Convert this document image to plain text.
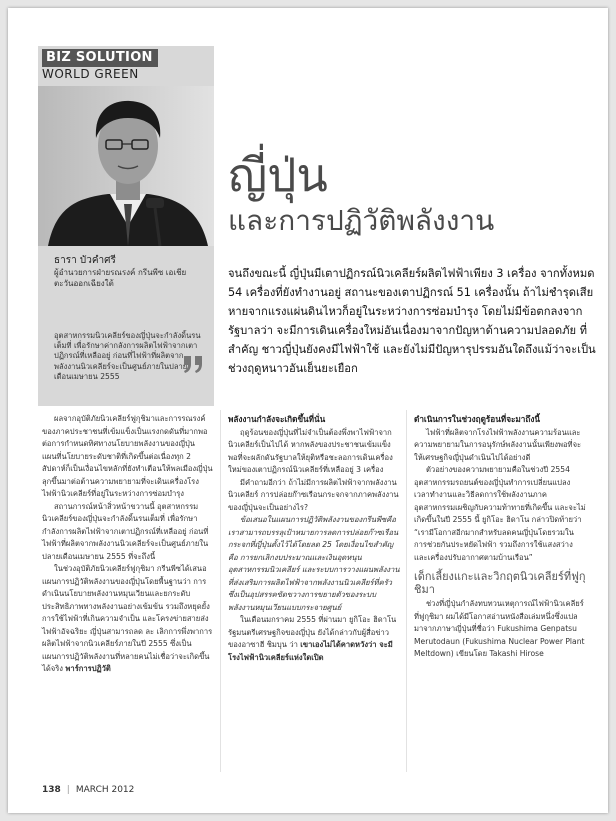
BIZ SOLUTION
WORLD GREEN
ธารา บัวคำศรี
ผู้อำนวยการฝ่ายรณรงค์ กรีนพีซ เอเชียตะวันออกเฉียงใต้
อุตสาหกรรมนิวเคลียร์ของญี่ปุ่นจะกำลังดิ้นรนเต็มที่ เพื่อรักษาค่ากลังการผลิตไฟฟ้าจากเตาปฏิกรณ์ที่เหลืออยู่ ก่อนที่ไฟฟ้าที่ผลิตจากพลังงานนิวเคลียร์จะเป็นศูนย์ภายในปลายเดือนเมษายน 2555
ญี่ปุ่น
และการปฏิวัติพลังงาน
จนถึงขณะนี้ ญี่ปุ่นมีเตาปฏิกรณ์นิวเคลียร์ผลิตไฟฟ้าเพียง 3 เครื่อง จากทั้งหมด 54 เครื่องที่ยังทำงานอยู่ สถานะของเตาปฏิกรณ์ 51 เครื่องนั้น ถ้าไม่ชำรุดเสียหายจากแรงแผ่นดินไหวก็อยู่ในระหว่างการซ่อมบำรุง โดยไม่มีข้อตกลงจากรัฐบาลว่า จะมีการเดินเครื่องใหม่อันเนื่องมาจากปัญหาด้านความปลอดภัย ที่สำคัญ ชาวญี่ปุ่นยังคงมีไฟฟ้าใช้ และยังไม่มีปัญหารุปรรมอันใดถึงแม้ว่าจะเป็นช่วงฤดูหนาวอันเย็นยะเยือก

ผลจากอุบัติภัยนิวเคลียร์ฟูกุชิมาและการรณรงค์ของภาคประชาชนที่เข้มแข็งเป็นแรงกดดันที่มากพอ ต่อการกำหนดทิศทางนโยบายพลังงานของญี่ปุ่น แผนที่นโยบายระดับชาติที่เกิดขึ้นต่อเนื่องทุก 2 สัปดาห์ก็เป็นเงื่อนไขหลักที่ยังทำเตือนให้พลเมืองญี่ปุ่นลุกขึ้นมาต่อต้านความพยายามที่จะเดินเครื่องโรงไฟฟ้านิวเคลียร์ที่อยู่ในระหว่างการซ่อมบำรุง

สถานการณ์หน้าสิ่วหน้าขวานนี้ อุตสาหกรรมนิวเคลียร์ของญี่ปุ่นจะกำลังดิ้นรนเต็มที่ เพื่อรักษากำลังการผลิตไฟฟ้าจากเตาปฏิกรณ์ที่เหลืออยู่ ก่อนที่ไฟฟ้าที่ผลิตจากพลังงานนิวเคลียร์จะเป็นศูนย์ภายในปลายเดือนเมษายน 2555 ที่จะถึงนี้

ในช่วงอุบัติภัยนิวเคลียร์ฟูกุชิมา กรีนพีซได้เสนอแผนการปฏิวัติพลังงานของญี่ปุ่นโดยพื้นฐานว่า การดำเนินนโยบายพลังงานหมุนเวียนและยกระดับประสิทธิภาพทางพลังงานอย่างเข้มข้น รวมถึงหยุดยั้งการใช้ไฟฟ้าที่เกินความจำเป็น และโครงข่ายสายส่งไฟฟ้าอัจฉริยะ ญี่ปุ่นสามารถลด ละ เลิกการพึ่งพาการผลิตไฟฟ้าจากนิวเคลียร์ภายในปี 2555 ซึ่งเป็นแผนการปฏิวัติพลังงานที่หลายคนไม่เชื่อว่าจะเกิดขึ้นได้จริง พาร์การปฏิวัติ

พลังงานกำลังจะเกิดขึ้นที่นั่น

ฤดูร้อนของญี่ปุ่นที่ไม่จำเป็นต้องพึ่งพาไฟฟ้าจากนิวเคลียร์เป็นไปได้ หากพลังของประชาชนเข้มแข็งพอที่จะผลักดันรัฐบาลให้ยุติหรือชะลอการเดินเครื่องใหม่ของเตาปฏิกรณ์นิวเคลียร์ที่เหลืออยู่ 3 เครื่อง

มีคำถามอีกว่า ถ้าไม่มีการผลิตไฟฟ้าจากพลังงานนิวเคลียร์ การปล่อยก๊าซเรือนกระจกจากภาคพลังงานของญี่ปุ่นจะเป็นอย่างไร?

ข้อเสนอในแผนการปฏิวัติพลังงานของกรีนพีซคือ เราสามารถบรรลุเป้าหมายการลดการปล่อยก๊าซเรือนกระจกที่ญี่ปุ่นตั้งไว้ได้โดยลด 25 โดยเงื่อนไขสำคัญคือ การยกเลิกงบประมาณและเงินอุดหนุนอุตสาหกรรมนิวเคลียร์ และระบบการวางแผนพลังงานที่ส่งเสริมการผลิตไฟฟ้าจากพลังงานนิวเคลียร์ที่ครัว ซึ่งเป็นอุปสรรคขัดขวางการขยายตัวของระบบพลังงานหมุนเวียนแบบกระจายศูนย์

ในเดือนมกราคม 2555 ที่ผ่านมา ยูกิโอะ ฮิดาโน รัฐมนตรีเศรษฐกิจของญี่ปุ่น ยังได้กล่าวกับผู้สื่อข่าวของอาซาฮี ชิมบุน ว่า เขาเองไม่ได้คาดหวังว่า จะมีโรงไฟฟ้านิวเคลียร์แห่งใดเปิด

ดำเนินการในช่วงฤดูร้อนที่จะมาถึงนี้

ไฟฟ้าที่ผลิตจากโรงไฟฟ้าพลังงานความร้อนและความพยายามในการอนุรักษ์พลังงานนั้นเพียงพอที่จะให้เศรษฐกิจญี่ปุ่นดำเนินไปได้อย่างดี

ตัวอย่างของความพยายามคือในช่วงปี 2554 อุตสาหกรรมรถยนต์ของญี่ปุ่นทำการเปลี่ยนแปลงเวลาทำงานและวิธีลดการใช้พลังงานภาคอุตสาหกรรมเผชิญกับความท้าทายที่เกิดขึ้น และจะไม่เกิดขึ้นในปี 2555 นี้ ยูกิโอะ ฮิดาโน กล่าวปิดท้ายว่า “เรามีโอกาสอีกมากสำหรับลดคนญี่ปุ่นโดยรวมในการช่วยกันประหยัดไฟฟ้า รวมถึงการใช้แสงสว่างและเครื่องปรับอากาศตามบ้านเรือน”

เด็กเลี้ยงแกะและวิกฤตนิวเคลียร์ที่ฟูกุชิมา

ช่วงที่ญี่ปุ่นกำลังทบทวนเหตุการณ์ไฟฟ้านิวเคลียร์ที่ฟูกุชิมา ผมได้มีโอกาสอ่านหนังสือเล่มหนึ่งซึ่งแปลมาจากภาษาญี่ปุ่นที่ชื่อว่า Fukushima Genpatsu Merutodaun (Fukushima Nuclear Power Plant Meltdown) เขียนโดย Takashi Hirose

138 | MARCH 2012
